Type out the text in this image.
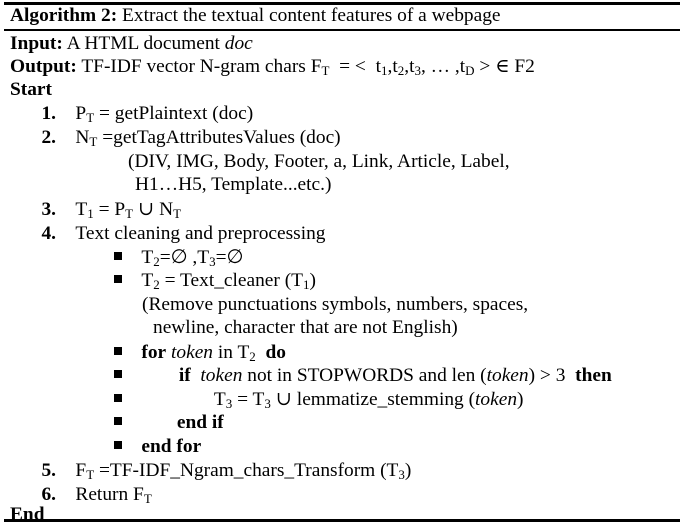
Algorithm 2: Extract the textual content features of a webpage
Input: A HTML document doc
Output: TF-IDF vector N-gram chars $F_T$ = < $t_1,t_2,t_3$, … $,t_D$ > ∈ F2
Start
1. $P_T$ = getPlaintext (doc)
2. $N_T$ =getTagAttributesValues (doc)
(DIV, IMG, Body, Footer, a, Link, Article, Label,
H1…H5, Template...etc.)
3. $T_1 = P_T$ ∪ $N_T$
4. Text cleaning and preprocessing
$T_2=\emptyset$ $,T_3=\emptyset$
$T_2$ = Text_cleaner $(T_1)$
(Remove punctuations symbols, numbers, spaces,
newline, character that are not English)
for token in $T_2$ do
if token not in STOPWORDS and len (token) > 3 then
$T_3 = T_3$ ∪ lemmatize_stemming (token)
end if
end for
5. $F_T$ =TF-IDF_Ngram_chars_Transform $(T_3)$
6. Return $F_T$
End
